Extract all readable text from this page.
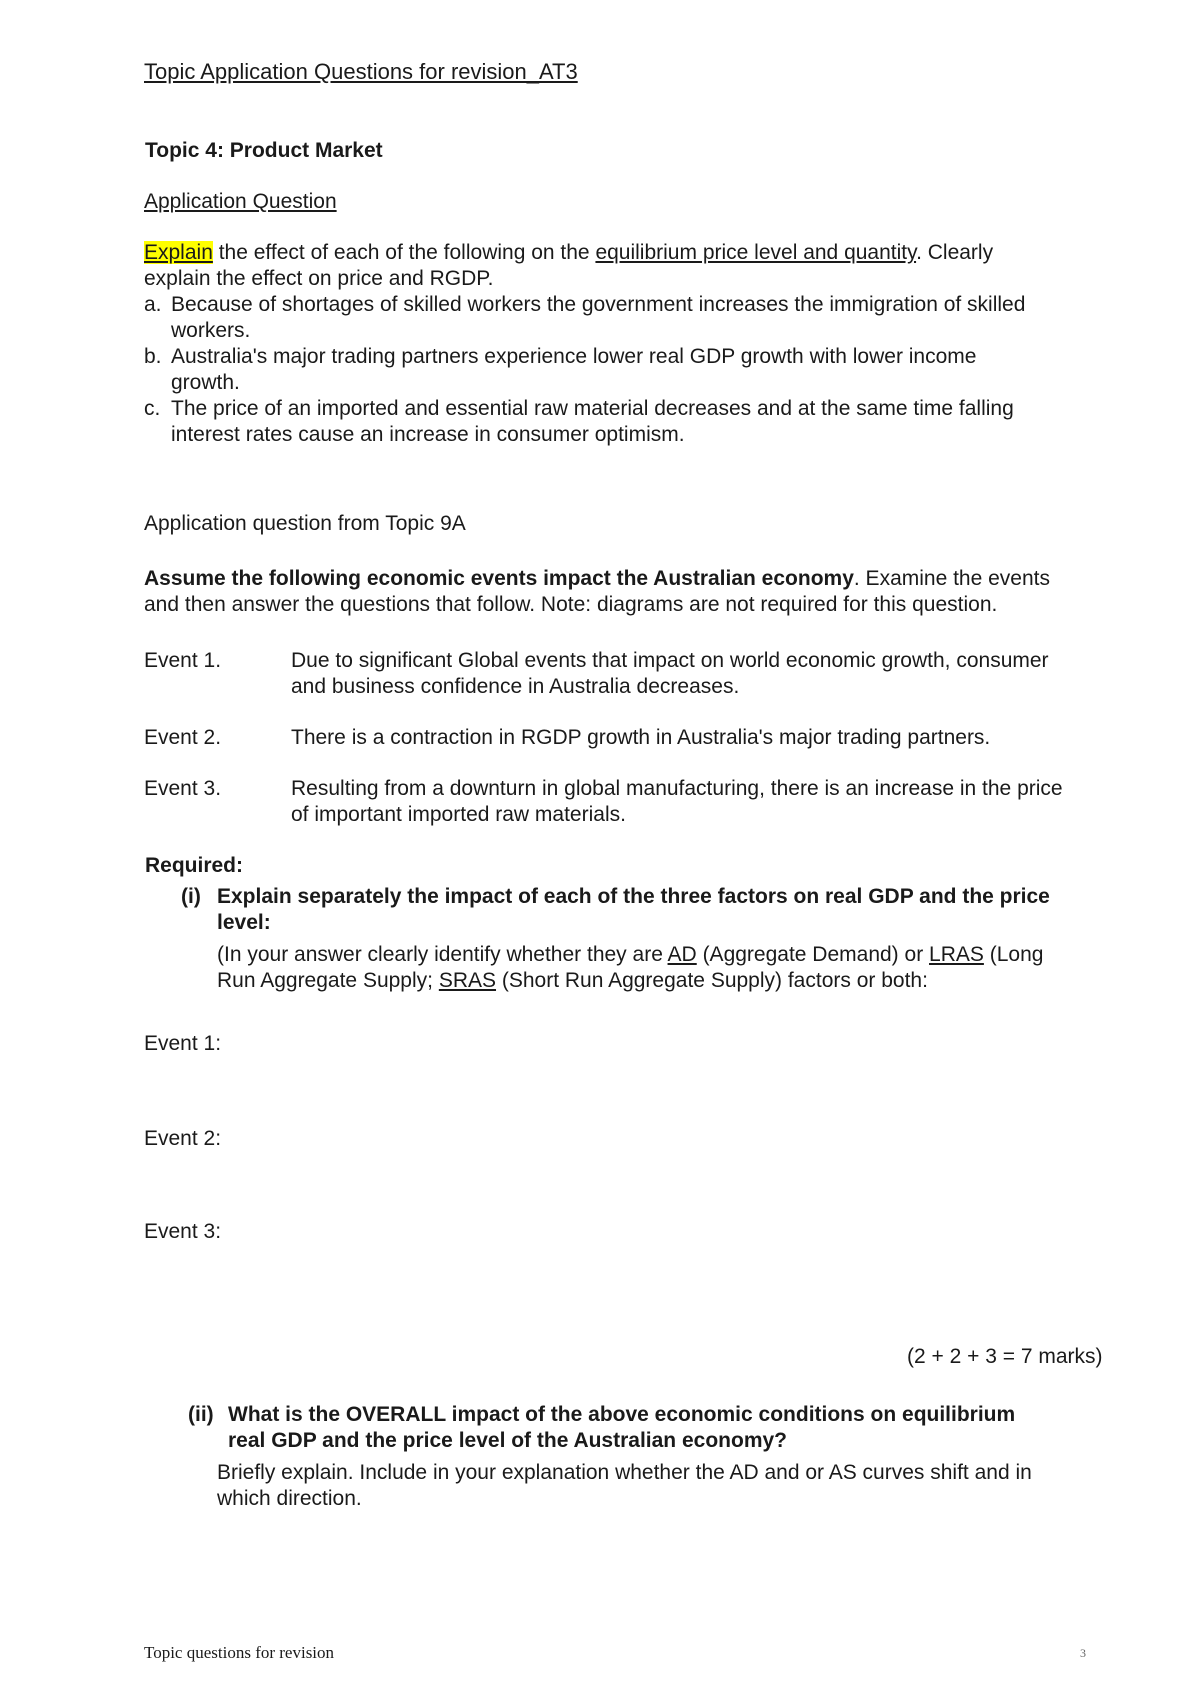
Topic Application Questions for revision_AT3
Topic 4: Product Market
Application Question
Explain the effect of each of the following on the equilibrium price level and quantity. Clearly
explain the effect on price and RGDP.
a. Because of shortages of skilled workers the government increases the immigration of skilled
workers.
b. Australia's major trading partners experience lower real GDP growth with lower income
growth.
c. The price of an imported and essential raw material decreases and at the same time falling
interest rates cause an increase in consumer optimism.
Application question from Topic 9A
Assume the following economic events impact the Australian economy. Examine the events
and then answer the questions that follow. Note: diagrams are not required for this question.
Event 1.	Due to significant Global events that impact on world economic growth, consumer
and business confidence in Australia decreases.
Event 2.	There is a contraction in RGDP growth in Australia's major trading partners.
Event 3.	Resulting from a downturn in global manufacturing, there is an increase in the price
of important imported raw materials.
Required:
(i) Explain separately the impact of each of the three factors on real GDP and the price
level:
(In your answer clearly identify whether they are AD (Aggregate Demand) or LRAS (Long
Run Aggregate Supply; SRAS (Short Run Aggregate Supply) factors or both:
Event 1:
Event 2:
Event 3:
(2 + 2 + 3 = 7 marks)
(ii) What is the OVERALL impact of the above economic conditions on equilibrium
real GDP and the price level of the Australian economy?
Briefly explain. Include in your explanation whether the AD and or AS curves shift and in
which direction.
Topic questions for revision	3
